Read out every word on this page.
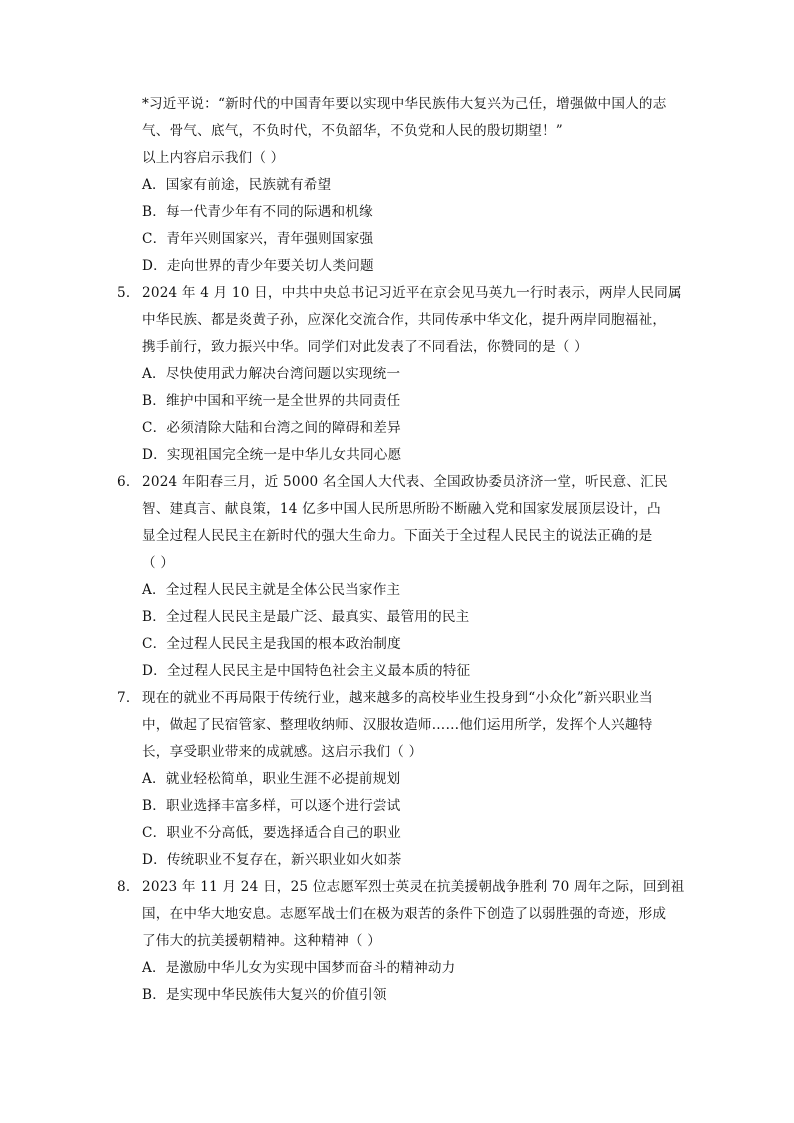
*习近平说：“新时代的中国青年要以实现中华民族伟大复兴为己任，增强做中国人的志
气、骨气、底气，不负时代，不负韶华，不负党和人民的殷切期望！”
以上内容启示我们（ ）
A．国家有前途，民族就有希望
B．每一代青少年有不同的际遇和机缘
C．青年兴则国家兴，青年强则国家强
D．走向世界的青少年要关切人类问题
5． 2024 年 4 月 10 日，中共中央总书记习近平在京会见马英九一行时表示，两岸人民同属
中华民族、都是炎黄子孙，应深化交流合作，共同传承中华文化，提升两岸同胞福祉，
携手前行，致力振兴中华。同学们对此发表了不同看法，你赞同的是（ ）
A．尽快使用武力解决台湾问题以实现统一
B．维护中国和平统一是全世界的共同责任
C．必须清除大陆和台湾之间的障碍和差异
D．实现祖国完全统一是中华儿女共同心愿
6． 2024 年阳春三月，近 5000 名全国人大代表、全国政协委员济济一堂，听民意、汇民
智、建真言、献良策，14 亿多中国人民所思所盼不断融入党和国家发展顶层设计，凸
显全过程人民民主在新时代的强大生命力。下面关于全过程人民民主的说法正确的是
（ ）
A．全过程人民民主就是全体公民当家作主
B．全过程人民民主是最广泛、最真实、最管用的民主
C．全过程人民民主是我国的根本政治制度
D．全过程人民民主是中国特色社会主义最本质的特征
7． 现在的就业不再局限于传统行业，越来越多的高校毕业生投身到“小众化”新兴职业当
中，做起了民宿管家、整理收纳师、汉服妆造师……他们运用所学，发挥个人兴趣特
长，享受职业带来的成就感。这启示我们（ ）
A．就业轻松简单，职业生涯不必提前规划
B．职业选择丰富多样，可以逐个进行尝试
C．职业不分高低，要选择适合自己的职业
D．传统职业不复存在，新兴职业如火如荼
8． 2023 年 11 月 24 日，25 位志愿军烈士英灵在抗美援朝战争胜利 70 周年之际，回到祖
国，在中华大地安息。志愿军战士们在极为艰苦的条件下创造了以弱胜强的奇迹，形成
了伟大的抗美援朝精神。这种精神（ ）
A．是激励中华儿女为实现中国梦而奋斗的精神动力
B．是实现中华民族伟大复兴的价值引领
